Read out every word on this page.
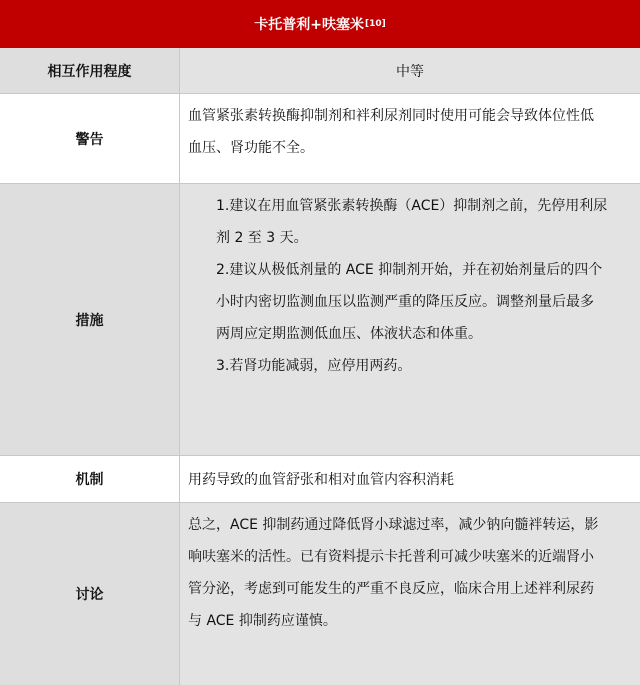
卡托普利+呋塞米 [10]
相互作用程度	中等
警告

血管紧张素转换酶抑制剂和袢利尿剂同时使用可能会导致体位性低

血压、肾功能不全。

措施

1.建议在用血管紧张素转换酶（ACE）抑制剂之前，先停用利尿

剂 2 至 3 天。

2.建议从极低剂量的 ACE 抑制剂开始，并在初始剂量后的四个

小时内密切监测血压以监测严重的降压反应。调整剂量后最多

两周应定期监测低血压、体液状态和体重。

3.若肾功能减弱，应停用两药。

机制	用药导致的血管舒张和相对血管内容积消耗
讨论

总之，ACE 抑制药通过降低肾小球滤过率，减少钠向髓袢转运，影

响呋塞米的活性。已有资料提示卡托普利可减少呋塞米的近端肾小

管分泌，考虑到可能发生的严重不良反应，临床合用上述袢利尿药

与 ACE 抑制药应谨慎。
